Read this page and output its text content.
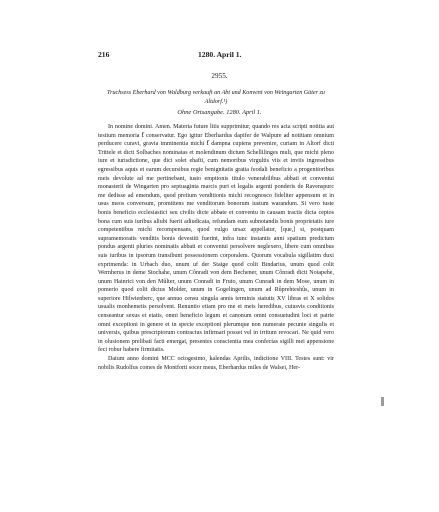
216	1280. April 1.
2955.
Truchsess Eberhard von Waldburg verkauft an Abt und Konvent von Weingarten Güter zu Altdorf.¹)
Ohne Ortsangabe. 1280. April 1.

In nomine domini. Amen. Materia future litis supprimitur, quando res acta scripti notitia aut testium memoria ẜ conservatur. Ego igitur Eberhardus dapifer de Walpure ad notitiam omnium perducere curavi, gravia imminentia michi ẜ dampna cupiens prevenire, curiam in Altorf dicti Trittele et dicti Solbaches nominatas et molendinum dictum Schellilinges muli, que michi pleno iure et iurisdictione, que dici solet ehafti, cum nemoribus virgultis viis et inviis ingressibus egressibus aquis et earum decursibus regie benignitatis gratia feodali beneficio a progenitoribus meis devolute ad me pertinebant, iusto emptionis titulo venerabilibus abbati et conventui monasterii de Wingarten pro septuaginta marcis puri et legalis argenti ponderis de Ravenspurc me dedisse ad emendum, quod pretium venditionis michi recognosco fideliter appensum et in usus meos conversum, promittens me venditorum bonorum iustum warandum. Si vero iuste bonis beneficio ecclesiastici seu civilis dicte abbate et conventu in causam tractis dicta ceptos bona cum suis iuribus aliubi fuerit adiudicata, refundam eum subnotandis bonis proprietatis iure competentibus michi recompensans, quod vulgo ursaz appellatur, [que,] si, postquam supramemoratis venditis bonis devestiti fuerint, infra tunc instantis anni spatium predictum pondus argenti pluries nominatis abbati et conventui persolvere neglexero, libere cum omnibus suis iuribus in ipsorum transibunt possessionem corporalem. Quorum vocabula sigillatim duxi exprimenda: in Urbach duo, unum uf der Staige quod colit Bindarius, unum quod colit Wernherus in deme Stochahe, unum Cônradi von dem Bechener, unum Cônradi dicti Notapehe, unum Hainrici von den Mûlter, unum Conradi in Fruto, unum Cunradi in dem Mose, unum in pomerio quod colit dictus Molder, unum in Gogelingen, unum ad Rûprehteshûs, unum in superiore Hilwienberc, que annuo censu singula annis terminis statutis XV libras et X solidos usualis monhemetis persolvent. Renuntio etiam pro me et meis heredibus, cuiusvis conditionis censeantur sexus et etatis, omni beneficio legum et canonum omni consuetudini loci et patrie omni exceptioni in genere et in specie exceptioni plerumque non numerate pecunie singulis et universis, quibus prescriptorum contractus infirmari posset vel in irritum revocari. Ne quid vero in olusionem prelibati facti emergat, presentes conscientia mea confectas sigilli mei appensione feci robur habere firmitatis.

Datum anno domini MCC octogesimo, kalendas Aprilis, indictione VIII. Testes sunt: vir nobilis Rudolfus comes de Montforti socer meus, Eberhardus miles de Walsei, Her-
